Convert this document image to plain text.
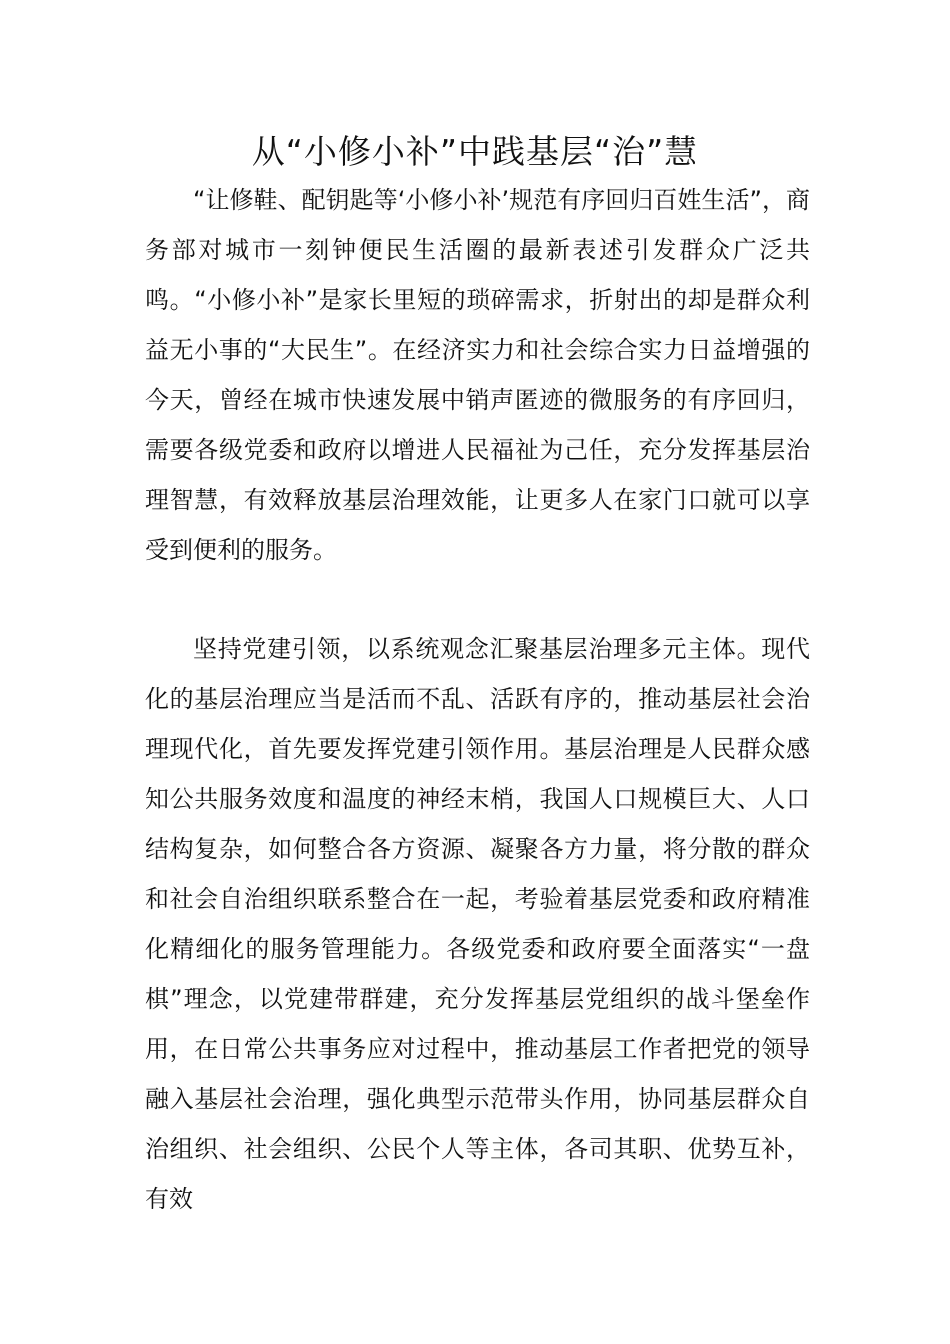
从“小修小补”中践基层“治”慧

“让修鞋、配钥匙等‘小修小补’规范有序回归百姓生活”，商务部对城市一刻钟便民生活圈的最新表述引发群众广泛共鸣。“小修小补”是家长里短的琐碎需求，折射出的却是群众利益无小事的“大民生”。在经济实力和社会综合实力日益增强的今天，曾经在城市快速发展中销声匿迹的微服务的有序回归，需要各级党委和政府以增进人民福祉为己任，充分发挥基层治理智慧，有效释放基层治理效能，让更多人在家门口就可以享受到便利的服务。

坚持党建引领，以系统观念汇聚基层治理多元主体。现代化的基层治理应当是活而不乱、活跃有序的，推动基层社会治理现代化，首先要发挥党建引领作用。基层治理是人民群众感知公共服务效度和温度的神经末梢，我国人口规模巨大、人口结构复杂，如何整合各方资源、凝聚各方力量，将分散的群众和社会自治组织联系整合在一起，考验着基层党委和政府精准化精细化的服务管理能力。各级党委和政府要全面落实“一盘棋”理念，以党建带群建，充分发挥基层党组织的战斗堡垒作用，在日常公共事务应对过程中，推动基层工作者把党的领导融入基层社会治理，强化典型示范带头作用，协同基层群众自治组织、社会组织、公民个人等主体，各司其职、优势互补，有效
